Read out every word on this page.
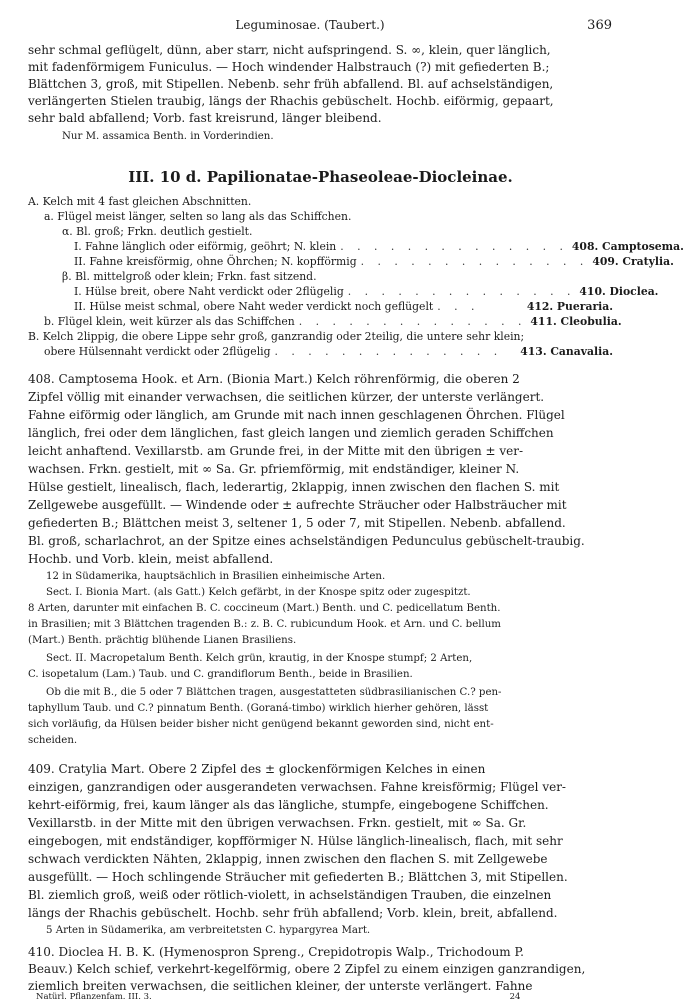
Leguminosae. (Taubert.)	369
sehr schmal geflügelt, dünn, aber starr, nicht aufspringend. S. ∞, klein, quer länglich,
mit fadenförmigem Funiculus. — Hoch windender Halbstrauch (?) mit gefiederten B.;
Blättchen 3, groß, mit Stipellen. Nebenb. sehr früh abfallend. Bl. auf achselständigen,
verlängerten Stielen traubig, längs der Rhachis gebüschelt. Hochb. eiförmig, gepaart,
sehr bald abfallend; Vorb. fast kreisrund, länger bleibend.
Nur M. assamica Benth. in Vorderindien.
III. 10 d. Papilionatae-Phaseoleae-Diocleinae.
A. Kelch mit 4 fast gleichen Abschnitten.
a. Flügel meist länger, selten so lang als das Schiffchen.
α. Bl. groß; Frkn. deutlich gestielt.
I. Fahne länglich oder eiförmig, geöhrt; N. klein . . . . . . . . . . . . . . 408. Camptosema.
II. Fahne kreisförmig, ohne Öhrchen; N. kopfförmig . . . . . . . . . . . . . . 409. Cratylia.
β. Bl. mittelgroß oder klein; Frkn. fast sitzend.
I. Hülse breit, obere Naht verdickt oder 2flügelig . . . . . . . . . . . . . . 410. Dioclea.
II. Hülse meist schmal, obere Naht weder verdickt noch geflügelt . . .	412. Pueraria.
b. Flügel klein, weit kürzer als das Schiffchen . . . . . . . . . . . . . . 411. Cleobulia.
B. Kelch 2lippig, die obere Lippe sehr groß, ganzrandig oder 2teilig, die untere sehr klein;
obere Hülsennaht verdickt oder 2flügelig . . . . . . . . . . . . . .	413. Canavalia.
408. Camptosema Hook. et Arn. (Bionia Mart.) Kelch röhrenförmig, die oberen 2
Zipfel völlig mit einander verwachsen, die seitlichen kürzer, der unterste verlängert.
Fahne eiförmig oder länglich, am Grunde mit nach innen geschlagenen Öhrchen. Flügel
länglich, frei oder dem länglichen, fast gleich langen und ziemlich geraden Schiffchen
leicht anhaftend. Vexillarstb. am Grunde frei, in der Mitte mit den übrigen ± ver-
wachsen. Frkn. gestielt, mit ∞ Sa. Gr. pfriemförmig, mit endständiger, kleiner N.
Hülse gestielt, linealisch, flach, lederartig, 2klappig, innen zwischen den flachen S. mit
Zellgewebe ausgefüllt. — Windende oder ± aufrechte Sträucher oder Halbsträucher mit
gefiederten B.; Blättchen meist 3, seltener 1, 5 oder 7, mit Stipellen. Nebenb. abfallend.
Bl. groß, scharlachrot, an der Spitze eines achselständigen Pedunculus gebüschelt-traubig.
Hochb. und Vorb. klein, meist abfallend.
12 in Südamerika, hauptsächlich in Brasilien einheimische Arten.
Sect. I. Bionia Mart. (als Gatt.) Kelch gefärbt, in der Knospe spitz oder zugespitzt.
8 Arten, darunter mit einfachen B. C. coccineum (Mart.) Benth. und C. pedicellatum Benth.
in Brasilien; mit 3 Blättchen tragenden B.: z. B. C. rubicundum Hook. et Arn. und C. bellum
(Mart.) Benth. prächtig blühende Lianen Brasiliens.
Sect. II. Macropetalum Benth. Kelch grün, krautig, in der Knospe stumpf; 2 Arten,
C. isopetalum (Lam.) Taub. und C. grandiflorum Benth., beide in Brasilien.
Ob die mit B., die 5 oder 7 Blättchen tragen, ausgestatteten südbrasilianischen C.? pen-
taphyllum Taub. und C.? pinnatum Benth. (Goraná-timbo) wirklich hierher gehören, lässt
sich vorläufig, da Hülsen beider bisher nicht genügend bekannt geworden sind, nicht ent-
scheiden.
409. Cratylia Mart. Obere 2 Zipfel des ± glockenförmigen Kelches in einen
einzigen, ganzrandigen oder ausgerandeten verwachsen. Fahne kreisförmig; Flügel ver-
kehrt-eiförmig, frei, kaum länger als das längliche, stumpfe, eingebogene Schiffchen.
Vexillarstb. in der Mitte mit den übrigen verwachsen. Frkn. gestielt, mit ∞ Sa. Gr.
eingebogen, mit endständiger, kopfförmiger N. Hülse länglich-linealisch, flach, mit sehr
schwach verdickten Nähten, 2klappig, innen zwischen den flachen S. mit Zellgewebe
ausgefüllt. — Hoch schlingende Sträucher mit gefiederten B.; Blättchen 3, mit Stipellen.
Bl. ziemlich groß, weiß oder rötlich-violett, in achselständigen Trauben, die einzelnen
längs der Rhachis gebüschelt. Hochb. sehr früh abfallend; Vorb. klein, breit, abfallend.
5 Arten in Südamerika, am verbreitetsten C. hypargyrea Mart.
410. Dioclea H. B. K. (Hymenospron Spreng., Crepidotropis Walp., Trichodoum P.
Beauv.) Kelch schief, verkehrt-kegelförmig, obere 2 Zipfel zu einem einzigen ganzrandigen,
ziemlich breiten verwachsen, die seitlichen kleiner, der unterste verlängert. Fahne
Natürl. Pflanzenfam. III. 3.	24
